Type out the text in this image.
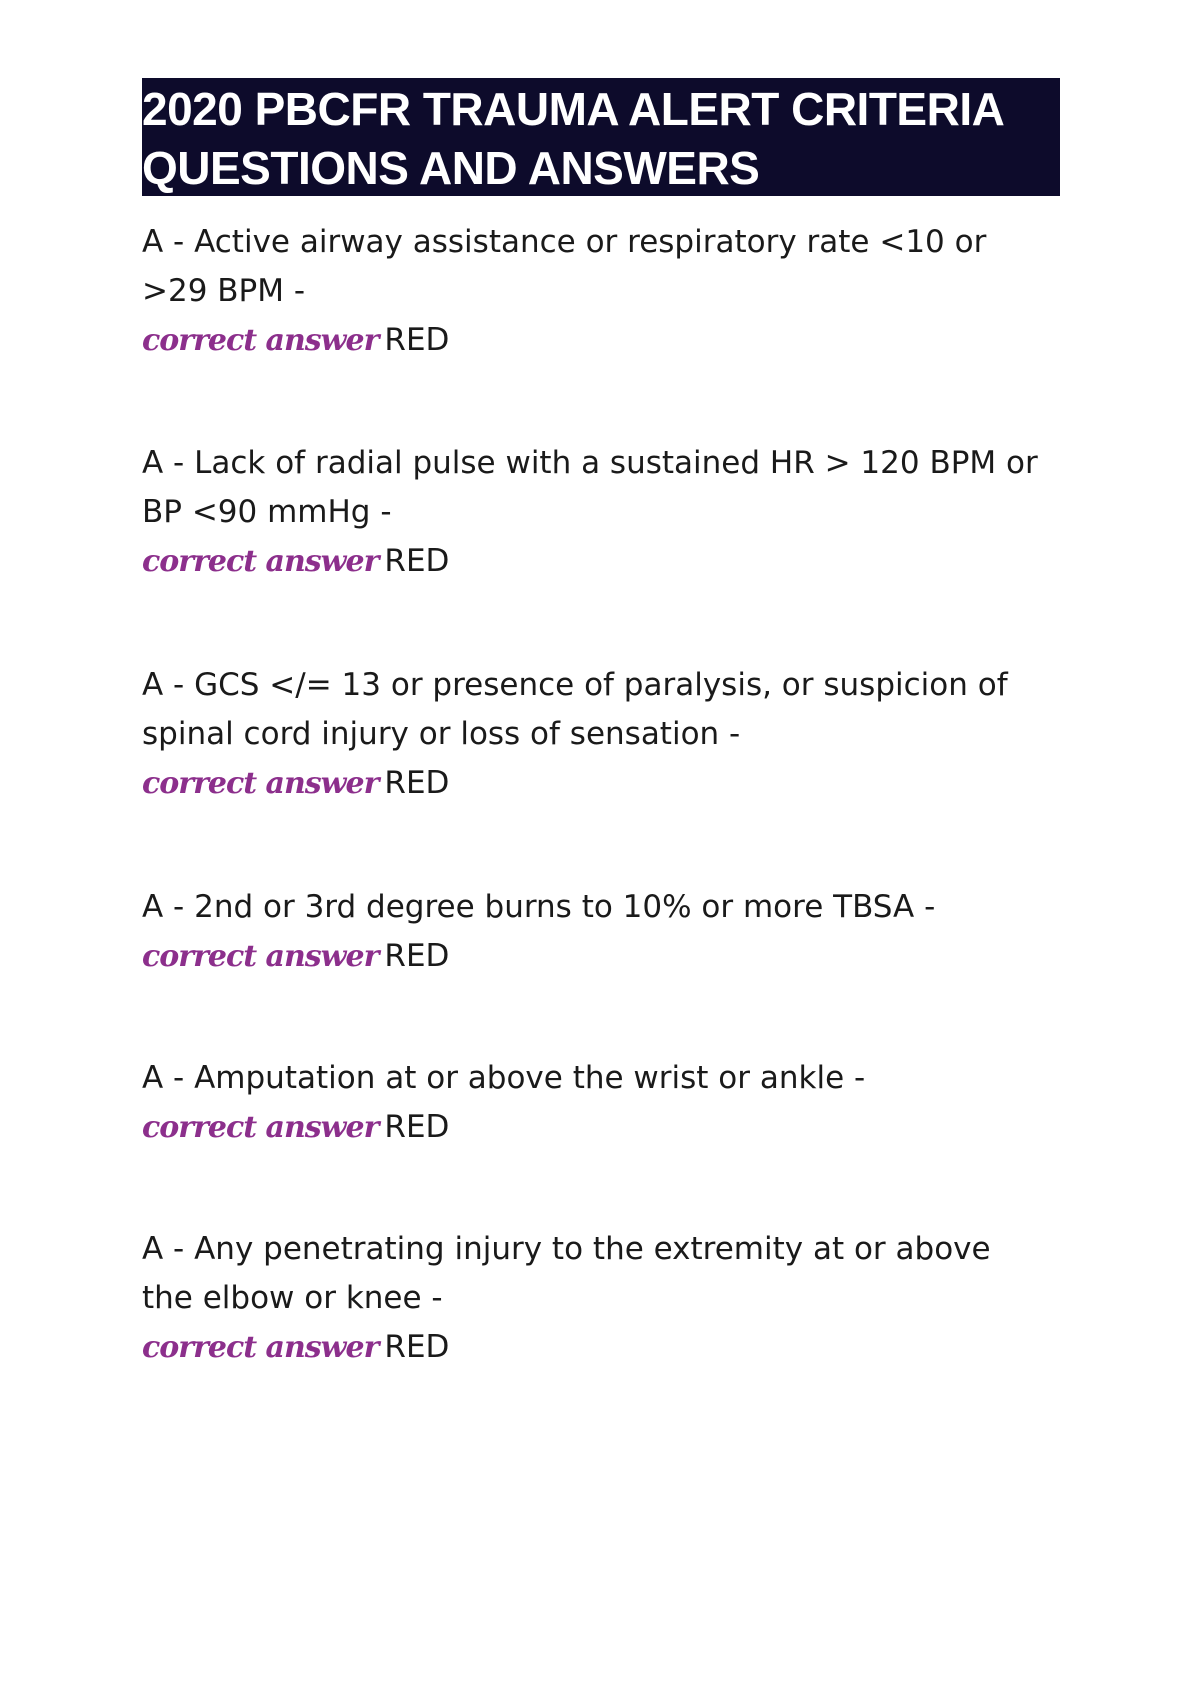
2020 PBCFR TRAUMA ALERT CRITERIA
QUESTIONS AND ANSWERS
A - Active airway assistance or respiratory rate <10 or
>29 BPM -
correct answer RED
A - Lack of radial pulse with a sustained HR > 120 BPM or
BP <90 mmHg -
correct answer RED
A - GCS </= 13 or presence of paralysis, or suspicion of
spinal cord injury or loss of sensation -
correct answer RED
A - 2nd or 3rd degree burns to 10% or more TBSA -
correct answer RED
A - Amputation at or above the wrist or ankle -
correct answer RED
A - Any penetrating injury to the extremity at or above
the elbow or knee -
correct answer RED
